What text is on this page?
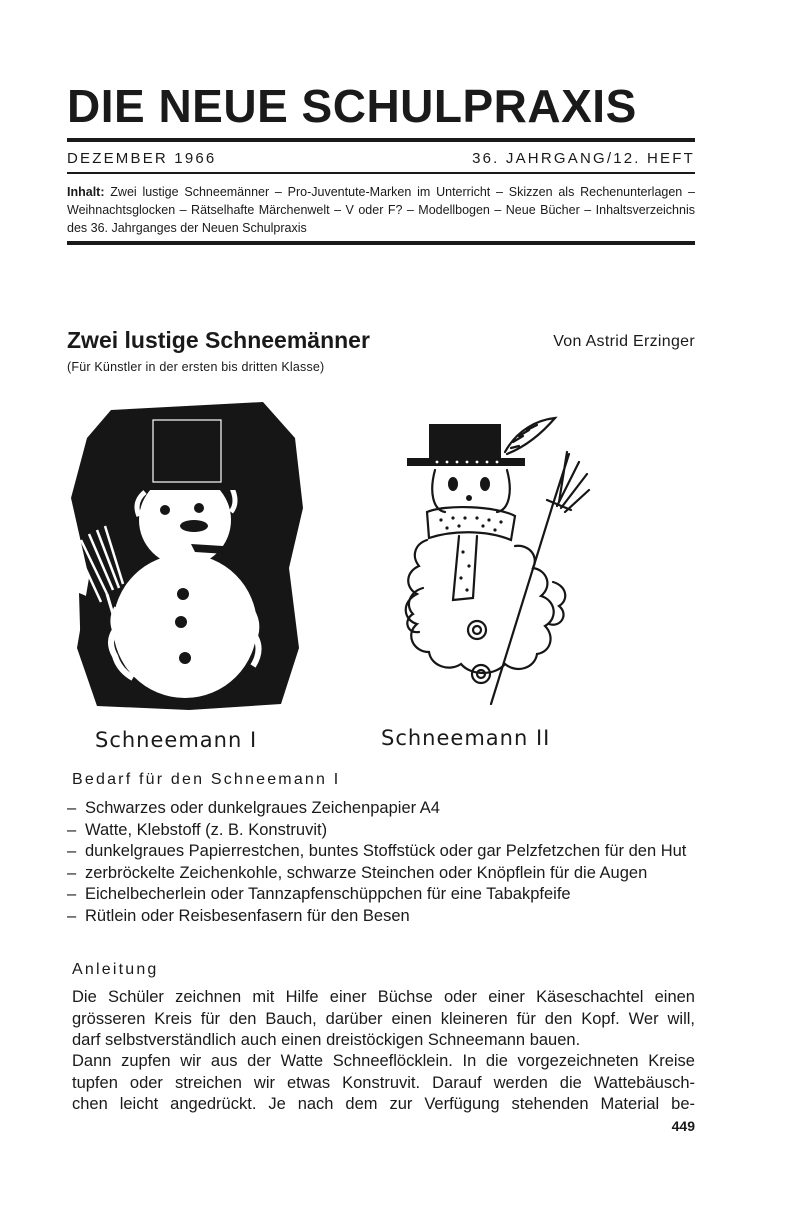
DIE NEUE SCHULPRAXIS
DEZEMBER 1966	36. JAHRGANG/12. HEFT
Inhalt: Zwei lustige Schneemänner – Pro-Juventute-Marken im Unterricht – Skizzen als Rechenunterlagen – Weihnachtsglocken – Rätselhafte Märchenwelt – V oder F? – Modellbogen – Neue Bücher – Inhaltsverzeichnis des 36. Jahrganges der Neuen Schulpraxis
Zwei lustige Schneemänner	Von Astrid Erzinger
(Für Künstler in der ersten bis dritten Klasse)
Schneemann I	Schneemann II
Bedarf für den Schneemann I
– Schwarzes oder dunkelgraues Zeichenpapier A4
– Watte, Klebstoff (z. B. Konstruvit)
– dunkelgraues Papierrestchen, buntes Stoffstück oder gar Pelzfetzchen für den Hut
– zerbröckelte Zeichenkohle, schwarze Steinchen oder Knöpflein für die Augen
– Eichelbecherlein oder Tannzapfenschüppchen für eine Tabakpfeife
– Rütlein oder Reisbesenfasern für den Besen
Anleitung
Die Schüler zeichnen mit Hilfe einer Büchse oder einer Käseschachtel einen
grösseren Kreis für den Bauch, darüber einen kleineren für den Kopf. Wer will,
darf selbstverständlich auch einen dreistöckigen Schneemann bauen.
Dann zupfen wir aus der Watte Schneeflöcklein. In die vorgezeichneten Kreise
tupfen oder streichen wir etwas Konstruvit. Darauf werden die Wattebäusch-
chen leicht angedrückt. Je nach dem zur Verfügung stehenden Material be-
449
